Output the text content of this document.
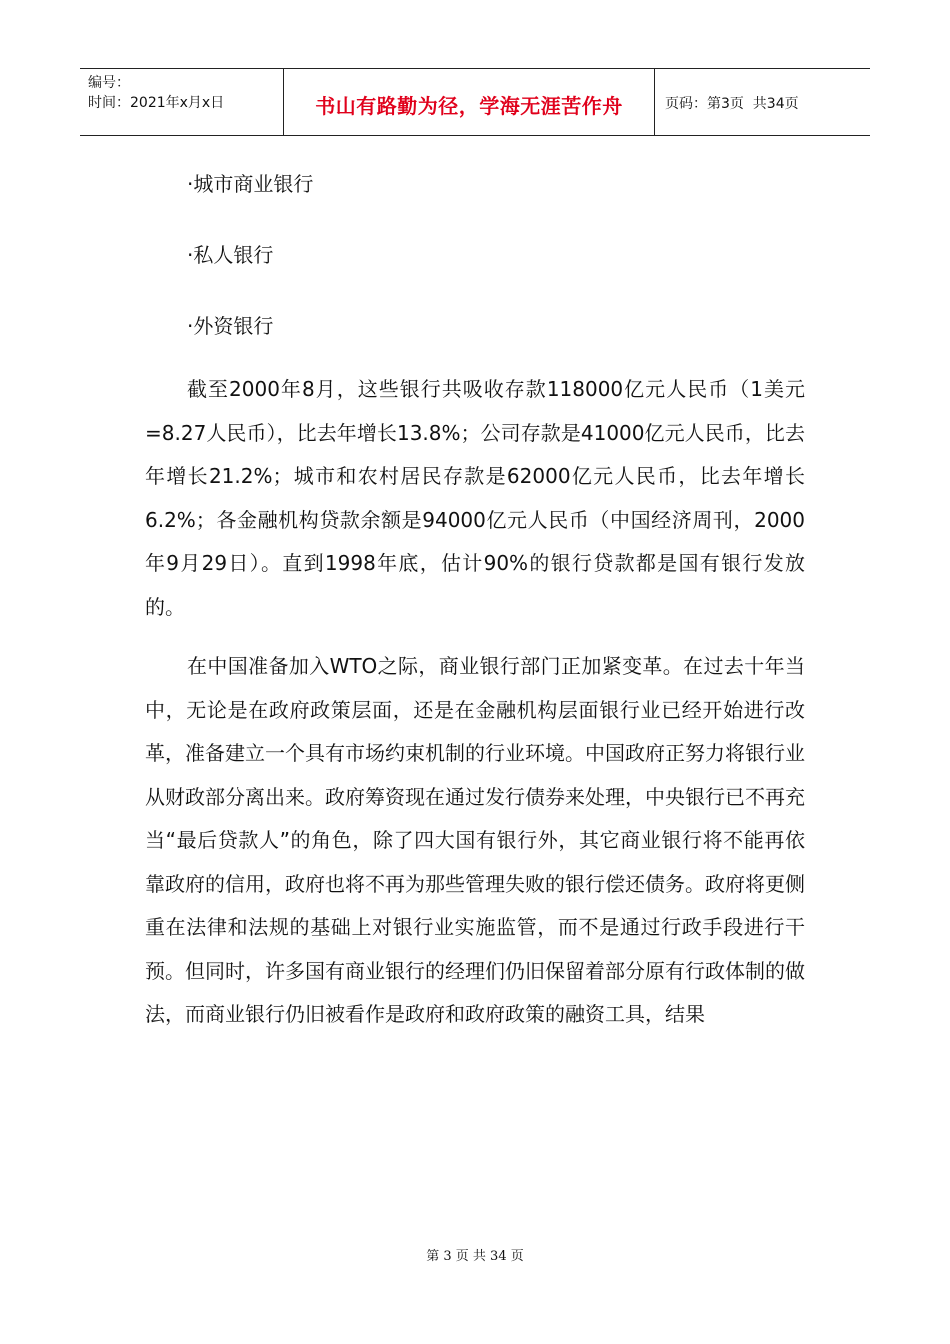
编号：
时间：2021年x月x日	书山有路勤为径，学海无涯苦作舟	页码：第3页  共34页
·城市商业银行
·私人银行
·外资银行

截至2000年8月，这些银行共吸收存款118000亿元人民币（1美元=8.27人民币），比去年增长13.8%；公司存款是41000亿元人民币，比去年增长21.2%；城市和农村居民存款是62000亿元人民币，比去年增长6.2%；各金融机构贷款余额是94000亿元人民币（中国经济周刊，2000年9月29日）。直到1998年底，估计90%的银行贷款都是国有银行发放的。

在中国准备加入WTO之际，商业银行部门正加紧变革。在过去十年当中，无论是在政府政策层面，还是在金融机构层面银行业已经开始进行改革，准备建立一个具有市场约束机制的行业环境。中国政府正努力将银行业从财政部分离出来。政府筹资现在通过发行债券来处理，中央银行已不再充当“最后贷款人”的角色，除了四大国有银行外，其它商业银行将不能再依靠政府的信用，政府也将不再为那些管理失败的银行偿还债务。政府将更侧重在法律和法规的基础上对银行业实施监管，而不是通过行政手段进行干预。但同时，许多国有商业银行的经理们仍旧保留着部分原有行政体制的做法，而商业银行仍旧被看作是政府和政府政策的融资工具，结果

第 3 页 共 34 页
